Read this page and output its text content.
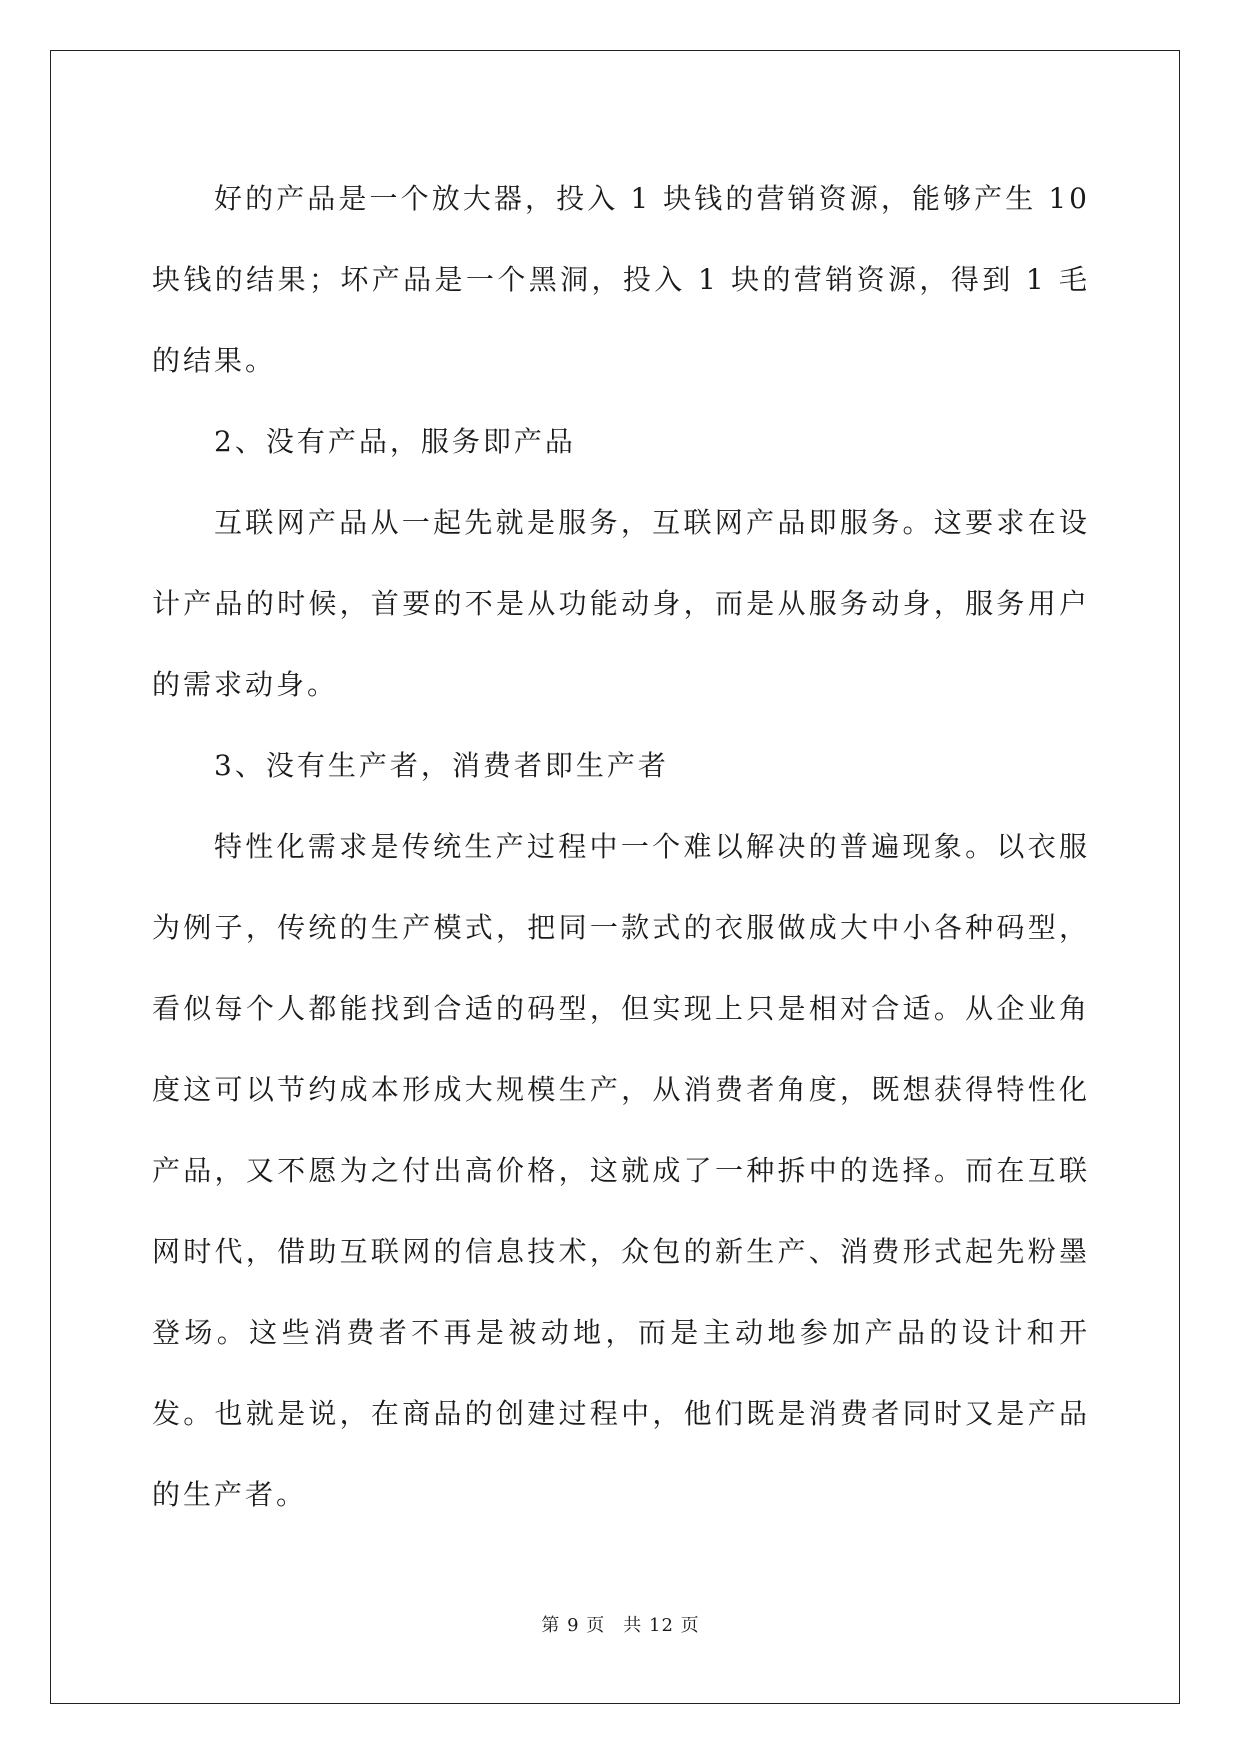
好的产品是一个放大器，投入 1 块钱的营销资源，能够产生 10 块钱的结果；坏产品是一个黑洞，投入 1 块的营销资源，得到 1 毛的结果。

2、没有产品，服务即产品

互联网产品从一起先就是服务，互联网产品即服务。这要求在设计产品的时候，首要的不是从功能动身，而是从服务动身，服务用户的需求动身。

3、没有生产者，消费者即生产者

特性化需求是传统生产过程中一个难以解决的普遍现象。以衣服为例子，传统的生产模式，把同一款式的衣服做成大中小各种码型，看似每个人都能找到合适的码型，但实现上只是相对合适。从企业角度这可以节约成本形成大规模生产，从消费者角度，既想获得特性化产品，又不愿为之付出高价格，这就成了一种拆中的选择。而在互联网时代，借助互联网的信息技术，众包的新生产、消费形式起先粉墨登场。这些消费者不再是被动地，而是主动地参加产品的设计和开发。也就是说，在商品的创建过程中，他们既是消费者同时又是产品的生产者。

第 9 页 共 12 页
